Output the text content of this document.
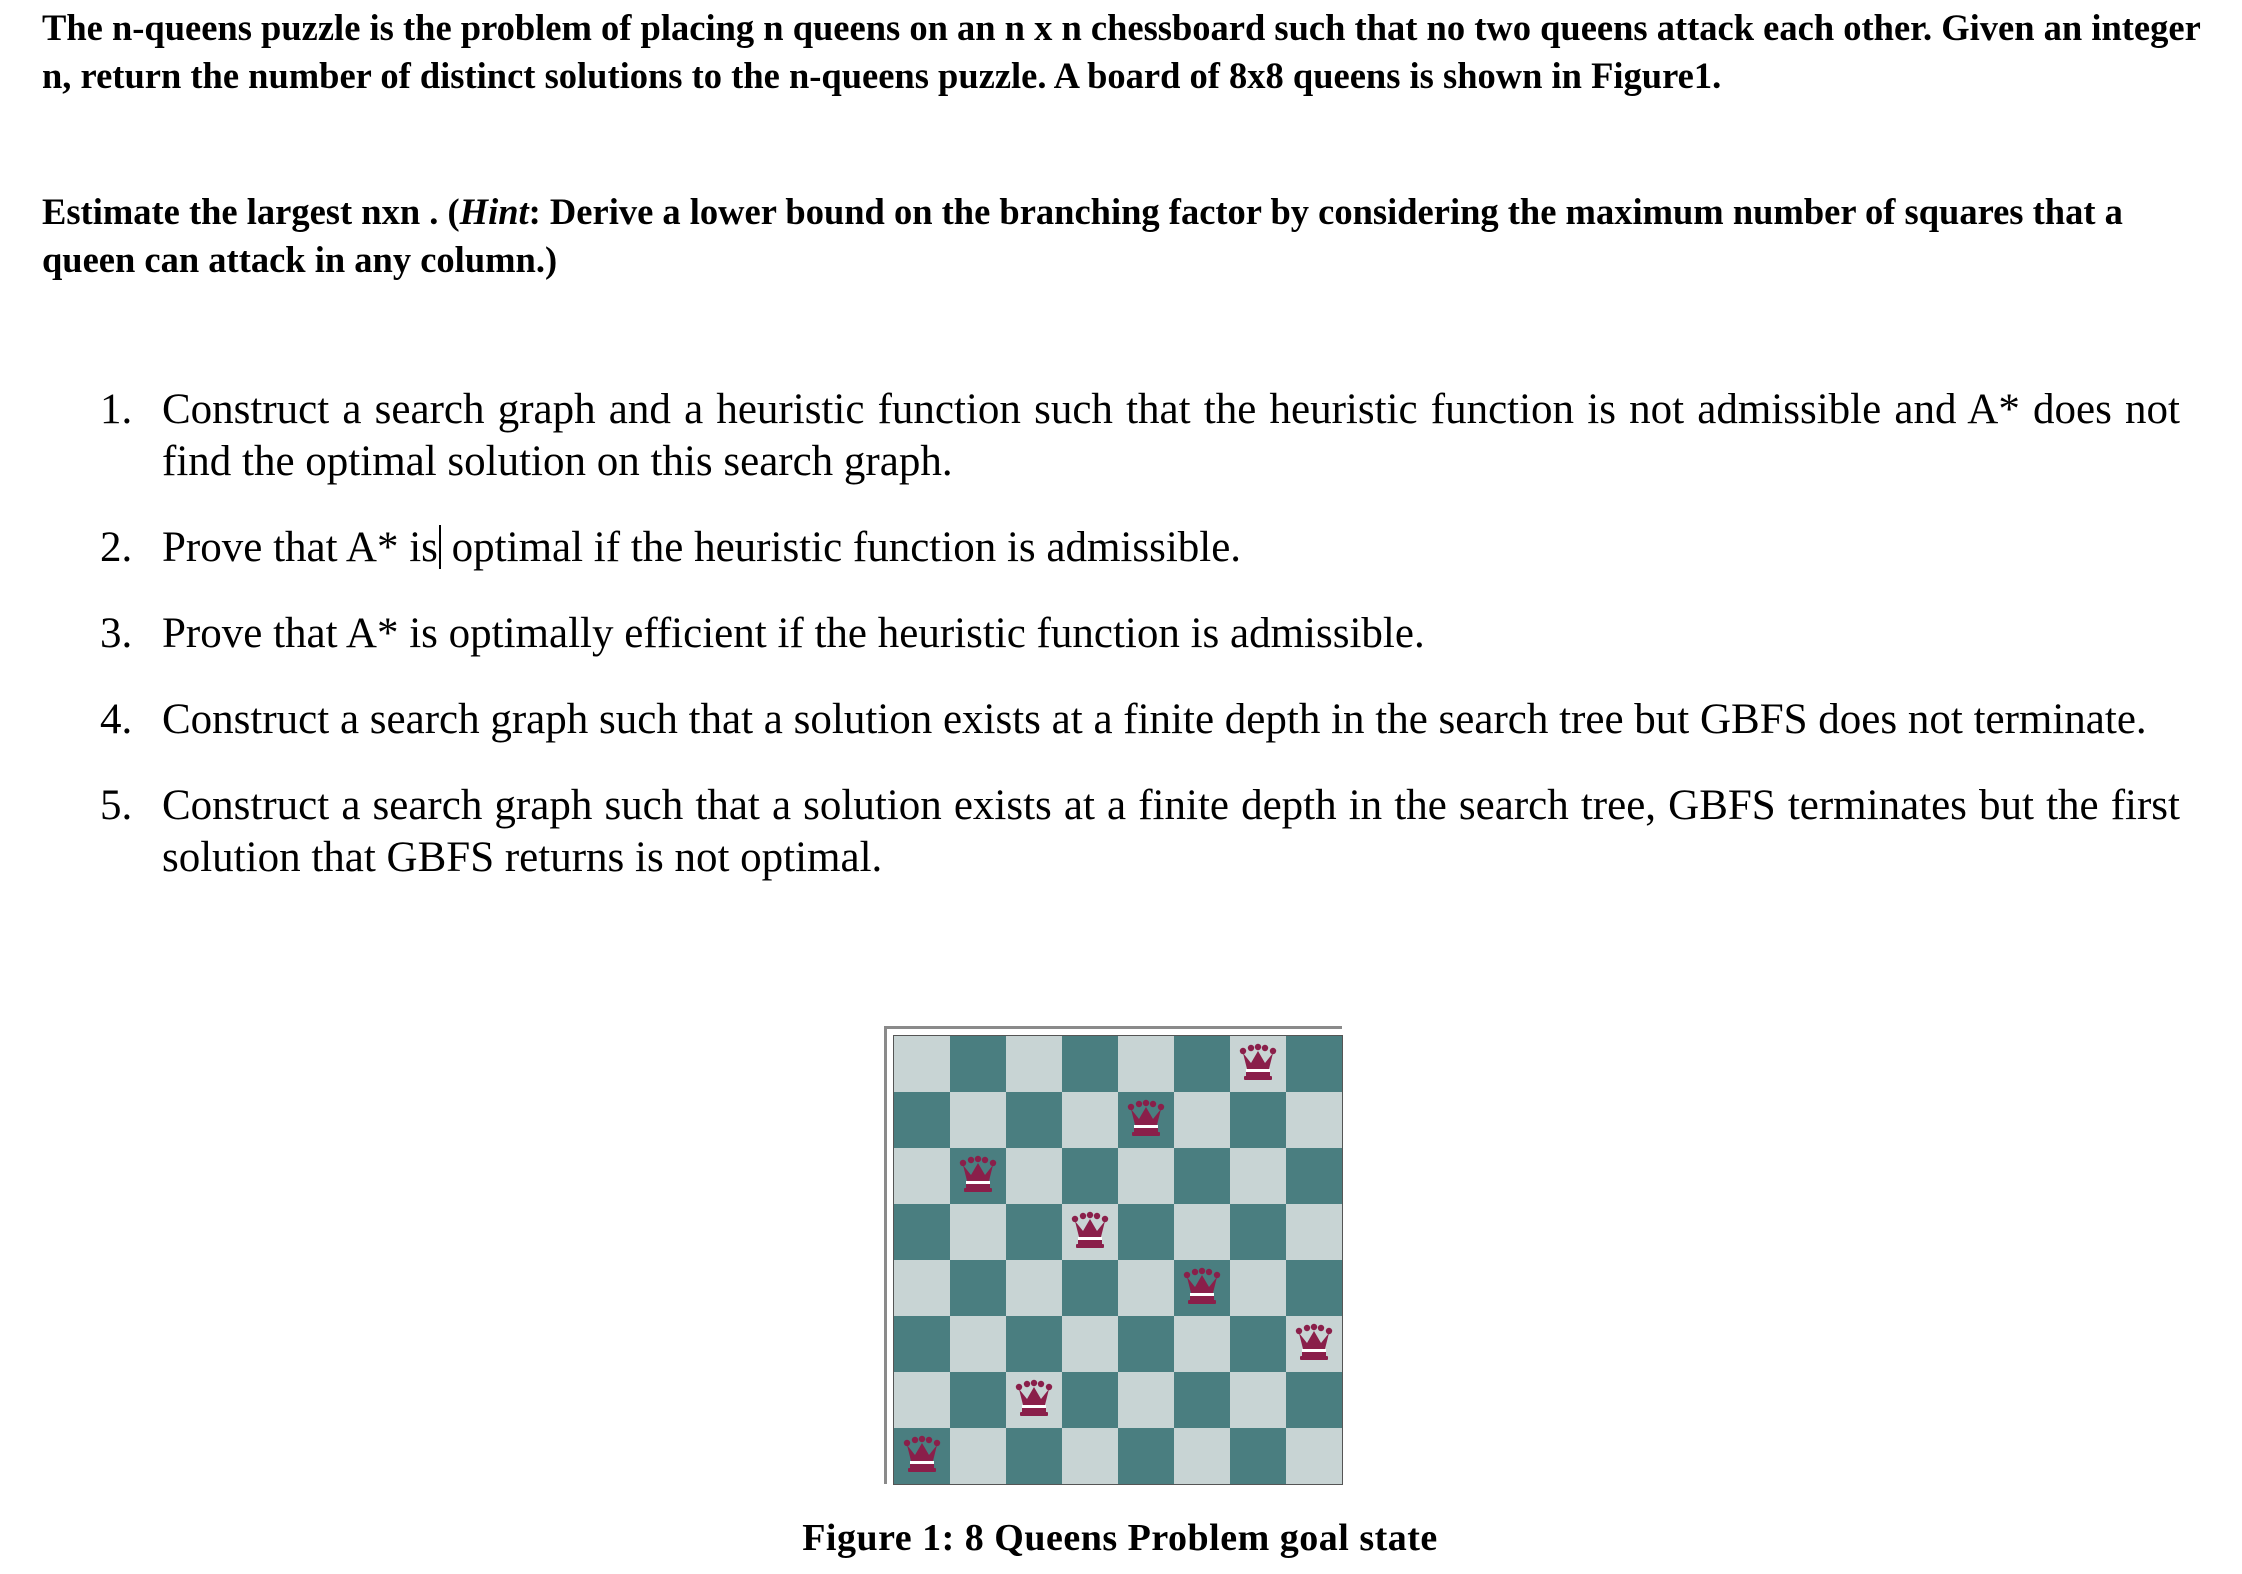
The n-queens puzzle is the problem of placing n queens on an n x n chessboard such that no two queens attack each other. Given an integer n, return the number of distinct solutions to the n-queens puzzle. A board of 8x8 queens is shown in Figure1.

Estimate the largest nxn . (Hint: Derive a lower bound on the branching factor by considering the maximum number of squares that a queen can attack in any column.)

1. Construct a search graph and a heuristic function such that the heuristic function is not admissible and A* does not find the optimal solution on this search graph.
2. Prove that A* is optimal if the heuristic function is admissible.
3. Prove that A* is optimally efficient if the heuristic function is admissible.
4. Construct a search graph such that a solution exists at a finite depth in the search tree but GBFS does not terminate.
5. Construct a search graph such that a solution exists at a finite depth in the search tree, GBFS terminates but the first solution that GBFS returns is not optimal.

Figure 1: 8 Queens Problem goal state
